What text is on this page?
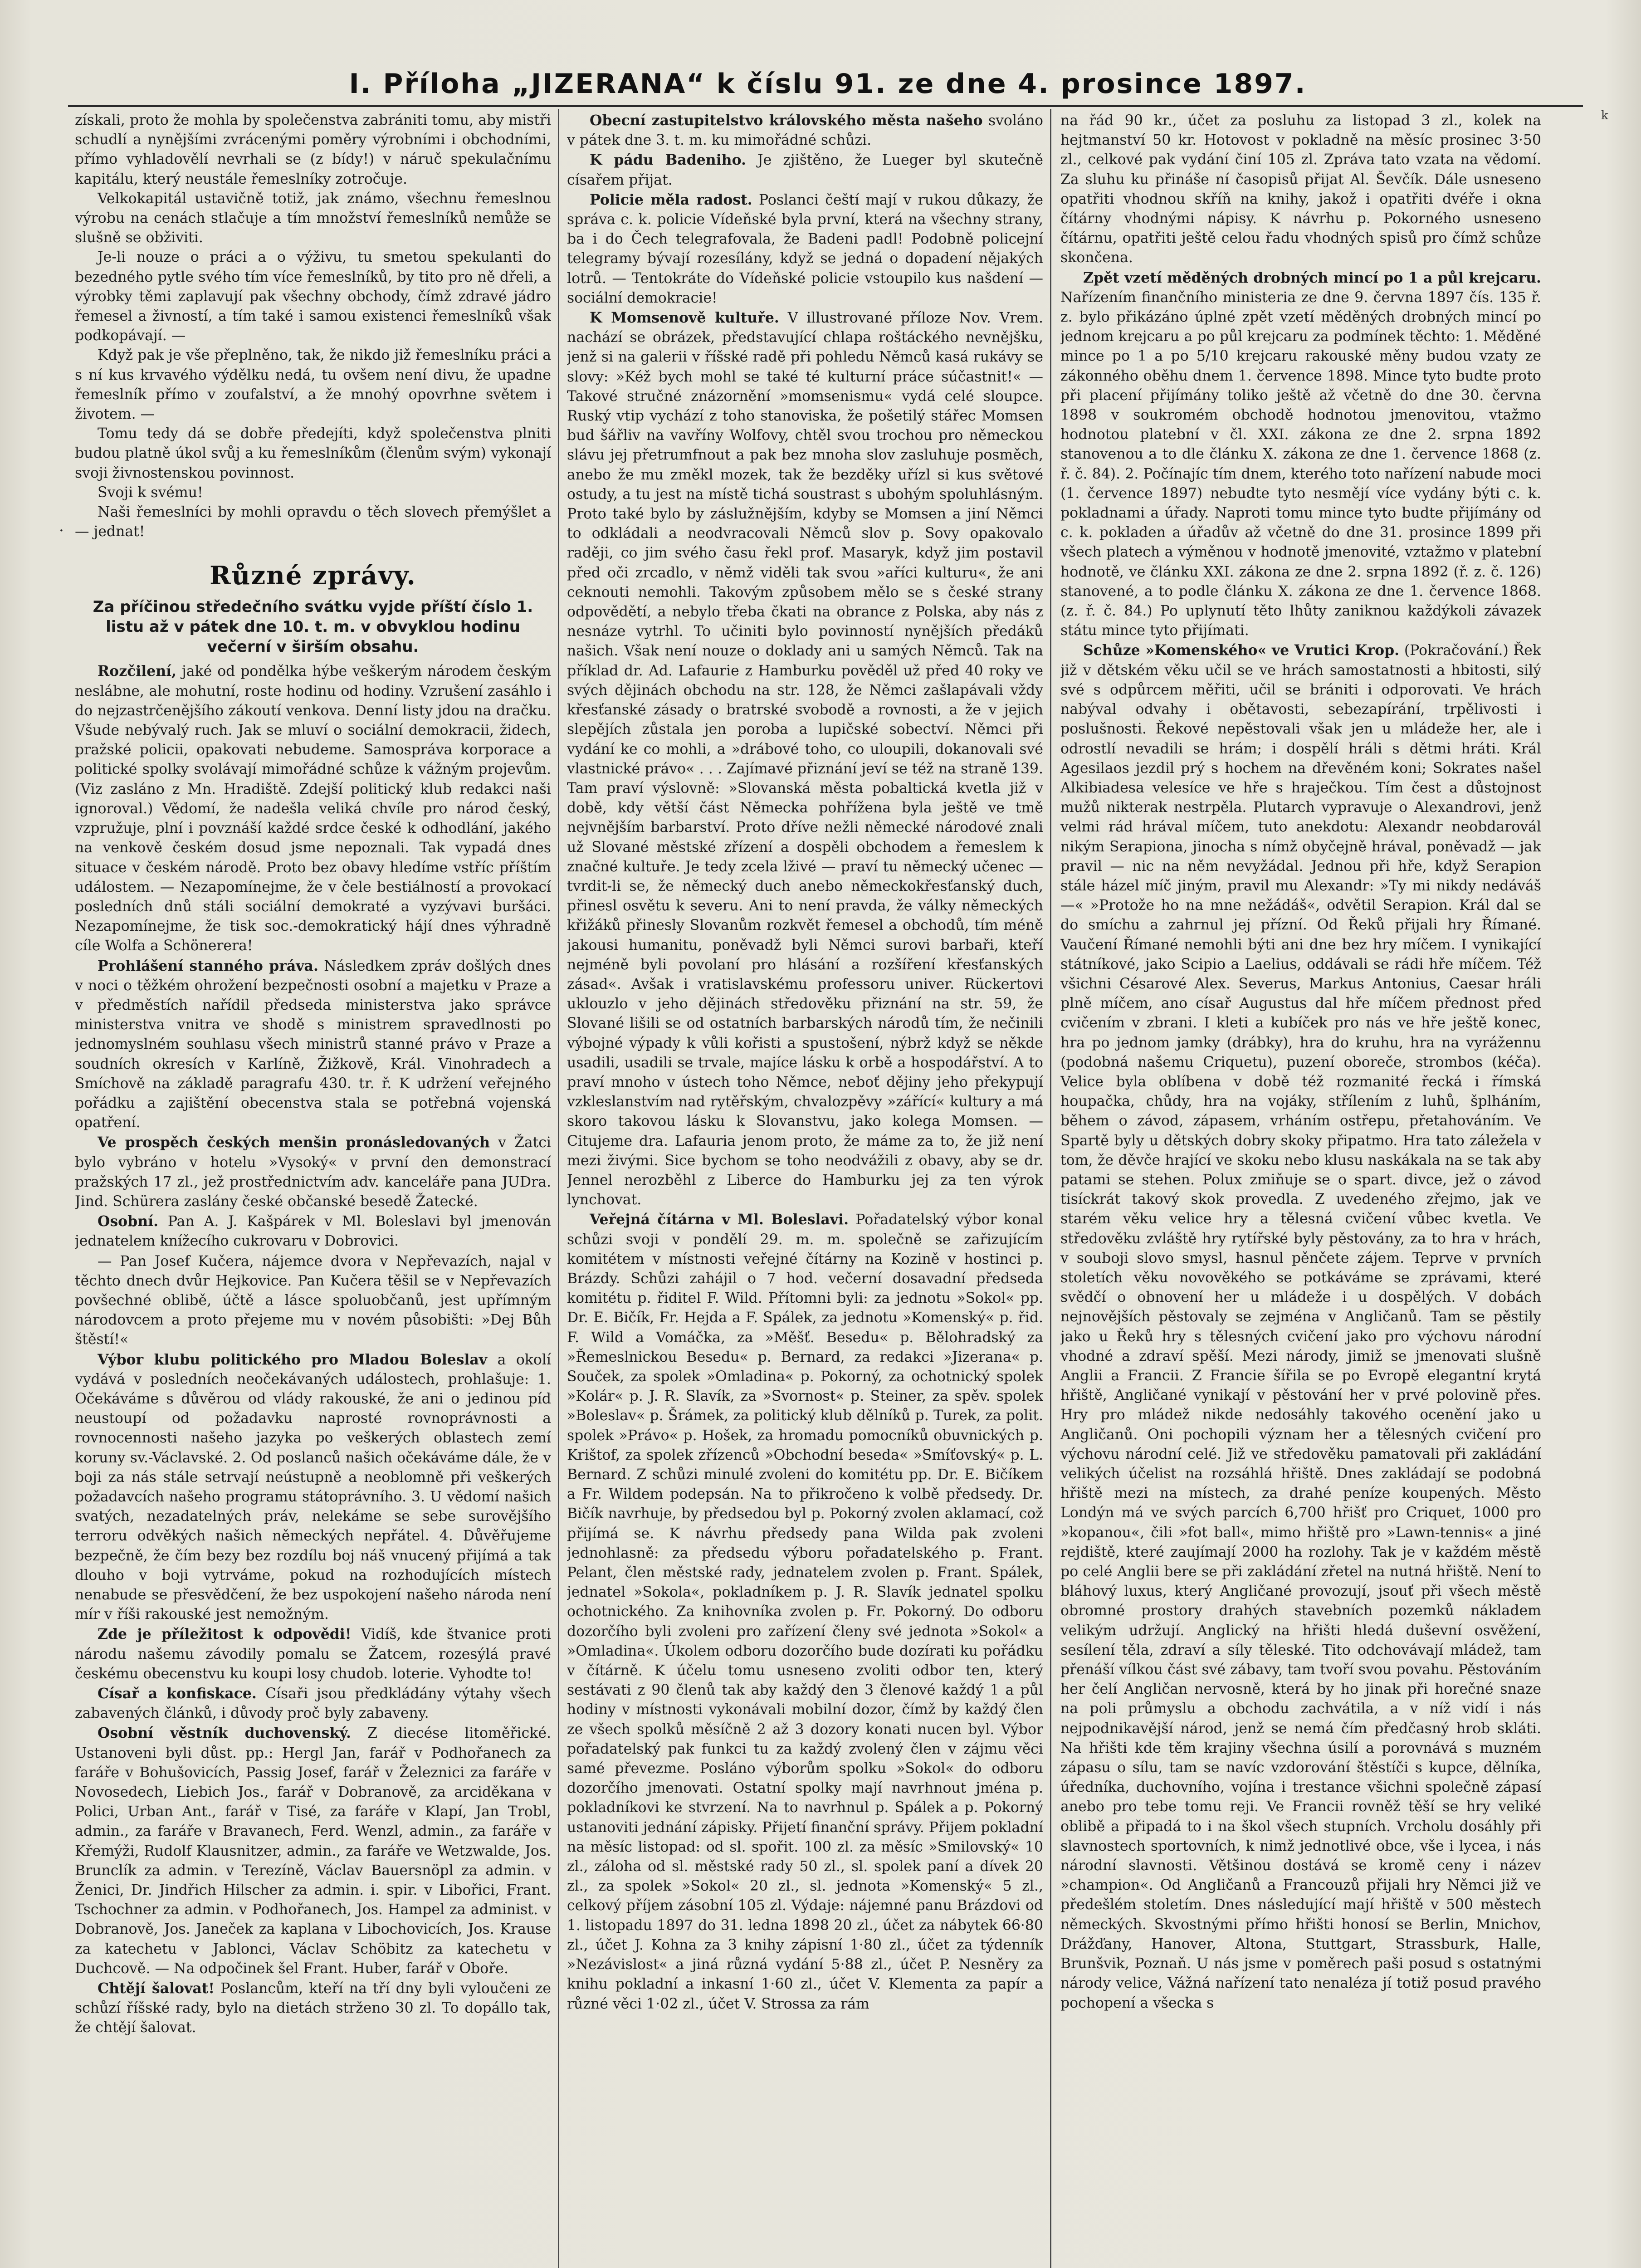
I. Příloha „JIZERANA“ k číslu 91. ze dne 4. prosince 1897.
k
·

získali, proto že mohla by společenstva zabrániti tomu, aby mistři schudlí a nynějšími zvrácenými poměry výrobními i obchodními, přímo vyhladovělí nevrhali se (z bídy!) v náruč spekulačnímu kapitálu, který neustále řemeslníky zotročuje.

Velkokapitál ustavičně totiž, jak známo, všechnu řemeslnou výrobu na cenách stlačuje a tím množství řemeslníků nemůže se slušně se obživiti.

Je-li nouze o práci a o výživu, tu smetou spekulanti do bezedného pytle svého tím více řemeslníků, by tito pro ně dřeli, a výrobky těmi zaplavují pak všechny obchody, čímž zdravé jádro řemesel a živností, a tím také i samou existenci řemeslníků však podkopávají. —

Když pak je vše přeplněno, tak, že nikdo již řemeslníku práci a s ní kus krvavého výdělku nedá, tu ovšem není divu, že upadne řemeslník přímo v zoufalství, a že mnohý opovrhne světem i životem. —

Tomu tedy dá se dobře předejíti, když společenstva plniti budou platně úkol svůj a ku řemeslníkům (členům svým) vykonají svoji živnostenskou povinnost.

Svoji k svému!

Naši řemeslníci by mohli opravdu o těch slovech přemýšlet a — jednat!

Různé zprávy.
Za příčinou středečního svátku vyjde příští číslo 1. listu až v pátek dne 10. t. m. v obvyklou hodinu večerní v širším obsahu.

Rozčilení, jaké od pondělka hýbe veškerým národem českým neslábne, ale mohutní, roste hodinu od hodiny. Vzrušení zasáhlo i do nejzastrčenějšího zákoutí venkova. Denní listy jdou na dračku. Všude nebývalý ruch. Jak se mluví o sociální demokracii, židech, pražské policii, opakovati nebudeme. Samospráva korporace a politické spolky svolávají mimořádné schůze k vážným projevům. (Viz zasláno z Mn. Hradiště. Zdejší politický klub redakci naši ignoroval.) Vědomí, že nadešla veliká chvíle pro národ český, vzpružuje, plní i povznáší každé srdce české k odhodlání, jakého na venkově českém dosud jsme nepoznali. Tak vypadá dnes situace v českém národě. Proto bez obavy hledíme vstříc příštím událostem. — Nezapomínejme, že v čele bestiálností a provokací posledních dnů stáli sociální demokraté a vyzývavi buršáci. Nezapomínejme, že tisk soc.-demokratický hájí dnes výhradně cíle Wolfa a Schönerera!

Prohlášení stanného práva. Následkem zpráv došlých dnes v noci o těžkém ohrožení bezpečnosti osobní a majetku v Praze a v předměstích nařídil předseda ministerstva jako správce ministerstva vnitra ve shodě s ministrem spravedlnosti po jednomyslném souhlasu všech ministrů stanné právo v Praze a soudních okresích v Karlíně, Žižkově, Král. Vinohradech a Smíchově na základě paragrafu 430. tr. ř. K udržení veřejného pořádku a zajištění obecenstva stala se potřebná vojenská opatření.

Ve prospěch českých menšin pronásledovaných v Žatci bylo vybráno v hotelu »Vysoký« v první den demonstrací pražských 17 zl., jež prostřednictvím adv. kanceláře pana JUDra. Jind. Schürera zaslány české občanské besedě Žatecké.

Osobní. Pan A. J. Kašpárek v Ml. Boleslavi byl jmenován jednatelem knížecího cukrovaru v Dobrovici.

— Pan Josef Kučera, nájemce dvora v Nepřevazích, najal v těchto dnech dvůr Hejkovice. Pan Kučera těšil se v Nepřevazích povšechné oblibě, účtě a lásce spoluobčanů, jest upřímným národovcem a proto přejeme mu v novém působišti: »Dej Bůh štěstí!«

Výbor klubu politického pro Mladou Boleslav a okolí vydává v posledních neočekávaných událostech, prohlašuje: 1. Očekáváme s důvěrou od vlády rakouské, že ani o jedinou píď neustoupí od požadavku naprosté rovnoprávnosti a rovnocennosti našeho jazyka po veškerých oblastech zemí koruny sv.-Václavské. 2. Od poslanců našich očekáváme dále, že v boji za nás stále setrvají neústupně a neoblomně při veškerých požadavcích našeho programu státoprávního. 3. U vědomí našich svatých, nezadatelných práv, nelekáme se sebe surovějšího terroru odvěkých našich německých nepřátel. 4. Důvěřujeme bezpečně, že čím bezy bez rozdílu boj náš vnucený přijímá a tak dlouho v boji vytrváme, pokud na rozhodujících místech nenabude se přesvědčení, že bez uspokojení našeho národa není mír v říši rakouské jest nemožným.

Zde je příležitost k odpovědi! Vidíš, kde štvanice proti národu našemu závodily pomalu se Žatcem, rozesýlá pravé českému obecenstvu ku koupi losy chudob. loterie. Vyhodte to!

Císař a konfiskace. Císaři jsou předkládány výtahy všech zabavených článků, i důvody proč byly zabaveny.

Osobní věstník duchovenský. Z diecése litoměřické. Ustanoveni byli důst. pp.: Hergl Jan, farář v Podhořanech za faráře v Bohušovicích, Passig Josef, farář v Železnici za faráře v Novosedech, Liebich Jos., farář v Dobranově, za arciděkana v Polici, Urban Ant., farář v Tisé, za faráře v Klapí, Jan Trobl, admin., za faráře v Bravanech, Ferd. Wenzl, admin., za faráře v Křemýži, Rudolf Klausnitzer, admin., za faráře ve Wetzwalde, Jos. Brunclík za admin. v Terezíně, Václav Bauersnöpl za admin. v Ženici, Dr. Jindřich Hilscher za admin. i. spir. v Libořici, Frant. Tschochner za admin. v Podhořanech, Jos. Hampel za administ. v Dobranově, Jos. Janeček za kaplana v Libochovicích, Jos. Krause za katechetu v Jablonci, Václav Schöbitz za katechetu v Duchcově. — Na odpočinek šel Frant. Huber, farář v Oboře.

Chtějí šalovat! Poslancům, kteří na tří dny byli vyloučeni ze schůzí říšské rady, bylo na dietách strženo 30 zl. To dopállo tak, že chtějí šalovat.

Obecní zastupitelstvo královského města našeho svoláno v pátek dne 3. t. m. ku mimořádné schůzi.

K pádu Badeniho. Je zjištěno, že Lueger byl skutečně císařem přijat.

Policie měla radost. Poslanci čeští mají v rukou důkazy, že správa c. k. policie Vídeňské byla první, která na všechny strany, ba i do Čech telegrafovala, že Badeni padl! Podobně policejní telegramy bývají rozesílány, když se jedná o dopadení nějakých lotrů. — Tentokráte do Vídeňské policie vstoupilo kus našdení — sociální demokracie!

K Momsenově kultuře. V illustrované příloze Nov. Vrem. nachází se obrázek, představující chlapa roštáckého nevnějšku, jenž si na galerii v říšské radě při pohledu Němců kasá rukávy se slovy: »Kéž bych mohl se také té kulturní práce súčastnit!« — Takové stručné znázornění »momsenismu« vydá celé sloupce. Ruský vtip vychází z toho stanoviska, že pošetilý stářec Momsen bud šářliv na vavříny Wolfovy, chtěl svou trochou pro německou slávu jej přetrumfnout a pak bez mnoha slov zasluhuje posměch, anebo že mu změkl mozek, tak že bezděky uřízl si kus světové ostudy, a tu jest na místě tichá soustrast s ubohým spoluhlásným. Proto také bylo by záslužnějším, kdyby se Momsen a jiní Němci to odkládali a neodvracovali Němců slov p. Sovy opakovalo raději, co jim svého času řekl prof. Masaryk, když jim postavil před oči zrcadlo, v němž viděli tak svou »aříci kulturu«, že ani ceknouti nemohli. Takovým způsobem mělo se s české strany odpovědětí, a nebylo třeba čkati na obrance z Polska, aby nás z nesnáze vytrhl. To učiniti bylo povinností nynějších předáků našich. Však není nouze o doklady ani u samých Němců. Tak na příklad dr. Ad. Lafaurie z Hamburku pověděl už před 40 roky ve svých dějinách obchodu na str. 128, že Němci zašlapávali vždy křesťanské zásady o bratrské svobodě a rovnosti, a že v jejich slepějích zůstala jen poroba a lupičské sobectví. Němci při vydání ke co mohli, a »drábové toho, co uloupili, dokanovali své vlastnické právo« . . . Zajímavé přiznání jeví se též na straně 139. Tam praví výslovně: »Slovanská města pobaltická kvetla již v době, kdy větší část Německa pohřížena byla ještě ve tmě nejvnějším barbarství. Proto dříve nežli německé národové znali už Slované městské zřízení a dospěli obchodem a řemeslem k značné kultuře. Je tedy zcela lživé — praví tu německý učenec — tvrdit-li se, že německý duch anebo německokřesťanský duch, přinesl osvětu k severu. Ani to není pravda, že války německých křižáků přinesly Slovanům rozkvět řemesel a obchodů, tím méně jakousi humanitu, poněvadž byli Němci surovi barbaři, kteří nejméně byli povolaní pro hlásání a rozšíření křesťanských zásad«. Avšak i vratislavskému professoru univer. Rückertovi uklouzlo v jeho dějinách středověku přiznání na str. 59, že Slované lišili se od ostatních barbarských národů tím, že nečinili výbojné výpady k vůli kořisti a spustošení, nýbrž když se někde usadili, usadili se trvale, majíce lásku k orbě a hospodářství. A to praví mnoho v ústech toho Němce, neboť dějiny jeho překypují vzkleslanstvím nad rytěřským, chvalozpěvy »zářící« kultury a má skoro takovou lásku k Slovanstvu, jako kolega Momsen. — Citujeme dra. Lafauria jenom proto, že máme za to, že již není mezi živými. Sice bychom se toho neodvážili z obavy, aby se dr. Jennel nerozběhl z Liberce do Hamburku jej za ten výrok lynchovat.

Veřejná čítárna v Ml. Boleslavi. Pořadatelský výbor konal schůzi svoji v pondělí 29. m. m. společně se zařizujícím komitétem v místnosti veřejné čítárny na Kozině v hostinci p. Brázdy. Schůzi zahájil o 7 hod. večerní dosavadní předseda komitétu p. řiditel F. Wild. Přítomni byli: za jednotu »Sokol« pp. Dr. E. Bičík, Fr. Hejda a F. Spálek, za jednotu »Komenský« p. řid. F. Wild a Vomáčka, za »Měšť. Besedu« p. Bělohradský za »Řemeslnickou Besedu« p. Bernard, za redakci »Jizerana« p. Souček, za spolek »Omladina« p. Pokorný, za ochotnický spolek »Kolár« p. J. R. Slavík, za »Svornost« p. Steiner, za spěv. spolek »Boleslav« p. Šrámek, za politický klub dělníků p. Turek, za polit. spolek »Právo« p. Hošek, za hromadu pomocníků obuvnických p. Krištof, za spolek zřízenců »Obchodní beseda« »Smíťovský« p. L. Bernard. Z schůzi minulé zvoleni do komitétu pp. Dr. E. Bičíkem a Fr. Wildem podepsán. Na to přikročeno k volbě předsedy. Dr. Bičík navrhuje, by předsedou byl p. Pokorný zvolen aklamací, což přijímá se. K návrhu předsedy pana Wilda pak zvoleni jednohlasně: za předsedu výboru pořadatelského p. Frant. Pelant, člen městské rady, jednatelem zvolen p. Frant. Spálek, jednatel »Sokola«, pokladníkem p. J. R. Slavík jednatel spolku ochotnického. Za knihovníka zvolen p. Fr. Pokorný. Do odboru dozorčího byli zvoleni pro zařízení členy své jednota »Sokol« a »Omladina«. Úkolem odboru dozorčího bude dozírati ku pořádku v čítárně. K účelu tomu usneseno zvoliti odbor ten, který sestávati z 90 členů tak aby každý den 3 členové každý 1 a půl hodiny v místnosti vykonávali mobilní dozor, čímž by každý člen ze všech spolků měsíčně 2 až 3 dozory konati nucen byl. Výbor pořadatelský pak funkci tu za každý zvolený člen v zájmu věci samé převezme. Posláno výborům spolku »Sokol« do odboru dozorčího jmenovati. Ostatní spolky mají navrhnout jména p. pokladníkovi ke stvrzení. Na to navrhnul p. Spálek a p. Pokorný ustanoviti jednání zápisky. Přijetí finanční správy. Přijem pokladní na měsíc listopad: od sl. spořit. 100 zl. za měsíc »Smilovský« 10 zl., záloha od sl. městské rady 50 zl., sl. spolek paní a dívek 20 zl., za spolek »Sokol« 20 zl., sl. jednota »Komenský« 5 zl., celkový příjem zásobní 105 zl. Výdaje: nájemné panu Brázdovi od 1. listopadu 1897 do 31. ledna 1898 20 zl., účet za nábytek 66·80 zl., účet J. Kohna za 3 knihy zápisní 1·80 zl., účet za týdenník »Nezávislost« a jiná různá vydání 5·88 zl., účet P. Nesněry za knihu pokladní a inkasní 1·60 zl., účet V. Klementa za papír a různé věci 1·02 zl., účet V. Strossa za rám

na řád 90 kr., účet za posluhu za listopad 3 zl., kolek na hejtmanství 50 kr. Hotovost v pokladně na měsíc prosinec 3·50 zl., celkové pak vydání činí 105 zl. Zpráva tato vzata na vědomí. Za sluhu ku přináše ní časopisů přijat Al. Ševčík. Dále usneseno opatřiti vhodnou skříň na knihy, jakož i opatřiti dvéře i okna čítárny vhodnými nápisy. K návrhu p. Pokorného usneseno čítárnu, opatřiti ještě celou řadu vhodných spisů pro čímž schůze skončena.

Zpět vzetí měděných drobných mincí po 1 a půl krejcaru. Nařízením finančního ministeria ze dne 9. června 1897 čís. 135 ř. z. bylo přikázáno úplné zpět vzetí měděných drobných mincí po jednom krejcaru a po půl krejcaru za podmínek těchto: 1. Měděné mince po 1 a po 5/10 krejcaru rakouské měny budou vzaty ze zákonného oběhu dnem 1. července 1898. Mince tyto budte proto při placení přijímány toliko ještě až včetně do dne 30. června 1898 v soukromém obchodě hodnotou jmenovitou, vtažmo hodnotou platební v čl. XXI. zákona ze dne 2. srpna 1892 stanovenou a to dle článku X. zákona ze dne 1. července 1868 (z. ř. č. 84). 2. Počínajíc tím dnem, kterého toto nařízení nabude moci (1. července 1897) nebudte tyto nesmějí více vydány býti c. k. pokladnami a úřady. Naproti tomu mince tyto budte přijímány od c. k. pokladen a úřadův až včetně do dne 31. prosince 1899 při všech platech a výměnou v hodnotě jmenovité, vztažmo v platební hodnotě, ve článku XXI. zákona ze dne 2. srpna 1892 (ř. z. č. 126) stanovené, a to podle článku X. zákona ze dne 1. července 1868. (z. ř. č. 84.) Po uplynutí těto lhůty zaniknou každýkoli závazek státu mince tyto přijímati.

Schůze »Komenského« ve Vrutici Krop. (Pokračování.) Řek již v dětském věku učil se ve hrách samostatnosti a hbitosti, silý své s odpůrcem měřiti, učil se brániti i odporovati. Ve hrách nabýval odvahy i obětavosti, sebezapírání, trpělivosti i poslušnosti. Řekové nepěstovali však jen u mládeže her, ale i odrostlí nevadili se hrám; i dospělí hráli s dětmi hráti. Král Agesilaos jezdil prý s hochem na dřevěném koni; Sokrates našel Alkibiadesa velesíce ve hře s hraječkou. Tím čest a důstojnost mužů nikterak nestrpěla. Plutarch vypravuje o Alexandrovi, jenž velmi rád hrával míčem, tuto anekdotu: Alexandr neobdarovál nikým Serapiona, jinocha s nímž obyčejně hrával, poněvadž — jak pravil — nic na něm nevyžádal. Jednou při hře, když Serapion stále házel míč jiným, pravil mu Alexandr: »Ty mi nikdy nedáváš —« »Protože ho na mne nežádáš«, odvětil Serapion. Král dal se do smíchu a zahrnul jej přízní. Od Řeků přijali hry Římané. Vaučení Římané nemohli býti ani dne bez hry míčem. I vynikající státníkové, jako Scipio a Laelius, oddávali se rádi hře míčem. Též všichni Césarové Alex. Severus, Markus Antonius, Caesar hráli plně míčem, ano císař Augustus dal hře míčem přednost před cvičením v zbrani. I kleti a kubíček pro nás ve hře ještě konec, hra po jednom jamky (drábky), hra do kruhu, hra na vyrážennu (podobná našemu Criquetu), puzení oboreče, strombos (kéča). Velice byla oblíbena v době též rozmanité řecká i římská houpačka, chůdy, hra na vojáky, střílením z luhů, šplháním, během o závod, zápasem, vrháním ostřepu, přetahováním. Ve Spartě byly u dětských dobry skoky připatmo. Hra tato záležela v tom, že děvče hrající ve skoku nebo klusu naskákala na se tak aby patami se stehen. Polux zmiňuje se o spart. divce, jež o závod tisíckrát takový skok provedla. Z uvedeného zřejmo, jak ve starém věku velice hry a tělesná cvičení vůbec kvetla. Ve středověku zvláště hry rytířské byly pěstovány, za to hra v hrách, v souboji slovo smysl, hasnul pěnčete zájem. Teprve v prvních stoletích věku novověkého se potkáváme se zprávami, které svědčí o obnovení her u mládeže i u dospělých. V dobách nejnovějších pěstovaly se zejména v Angličanů. Tam se pěstily jako u Řeků hry s tělesných cvičení jako pro výchovu národní vhodné a zdraví spěší. Mezi národy, jimiž se jmenovati slušně Anglii a Francii. Z Francie šířila se po Evropě elegantní krytá hřiště, Angličané vynikají v pěstování her v prvé polovině přes. Hry pro mládež nikde nedosáhly takového ocenění jako u Angličanů. Oni pochopili význam her a tělesných cvičení pro výchovu národní celé. Již ve středověku pamatovali při zakládání velikých účelist na rozsáhlá hřiště. Dnes zakládají se podobná hřiště mezi na místech, za drahé peníze koupených. Město Londýn má ve svých parcích 6,700 hřišť pro Criquet, 1000 pro »kopanou«, čili »fot ball«, mimo hřiště pro »Lawn-tennis« a jiné rejdiště, které zaujímají 2000 ha rozlohy. Tak je v každém městě po celé Anglii bere se při zakládání zřetel na nutná hřiště. Není to bláhový luxus, který Angličané provozují, jsouť při všech městě obromné prostory drahých stavebních pozemků nákladem velikým udržují. Anglický na hřišti hledá duševní osvěžení, sesílení těla, zdraví a síly těleské. Tito odchovávají mládež, tam přenáší vílkou část své zábavy, tam tvoří svou povahu. Pěstováním her čelí Angličan nervosně, která by ho jinak při horečné snaze na poli průmyslu a obchodu zachvátila, a v níž vidí i nás nejpodnikavější národ, jenž se nemá čím předčasný hrob skláti. Na hřišti kde těm krajiny všechna úsilí a porovnává s muzném zápasu o sílu, tam se navíc vzdorování štěstíči s kupce, dělníka, úředníka, duchovního, vojína i trestance všichni společně zápasí anebo pro tebe tomu reji. Ve Francii rovněž těší se hry veliké oblibě a připadá to i na škol všech stupních. Vrcholu dosáhly při slavnostech sportovních, k nimž jednotlivé obce, vše i lycea, i nás národní slavnosti. Většinou dostává se kromě ceny i název »champion«. Od Angličanů a Francouzů přijali hry Němci již ve předešlém stoletím. Dnes následující mají hřiště v 500 městech německých. Skvostnými přímo hřišti honosí se Berlin, Mnichov, Drážďany, Hanover, Altona, Stuttgart, Strassburk, Halle, Brunšvik, Poznaň. U nás jsme v poměrech paši posud s ostatnými národy velice, Vážná nařízení tato nenaléza jí totiž posud pravého pochopení a všecka s
